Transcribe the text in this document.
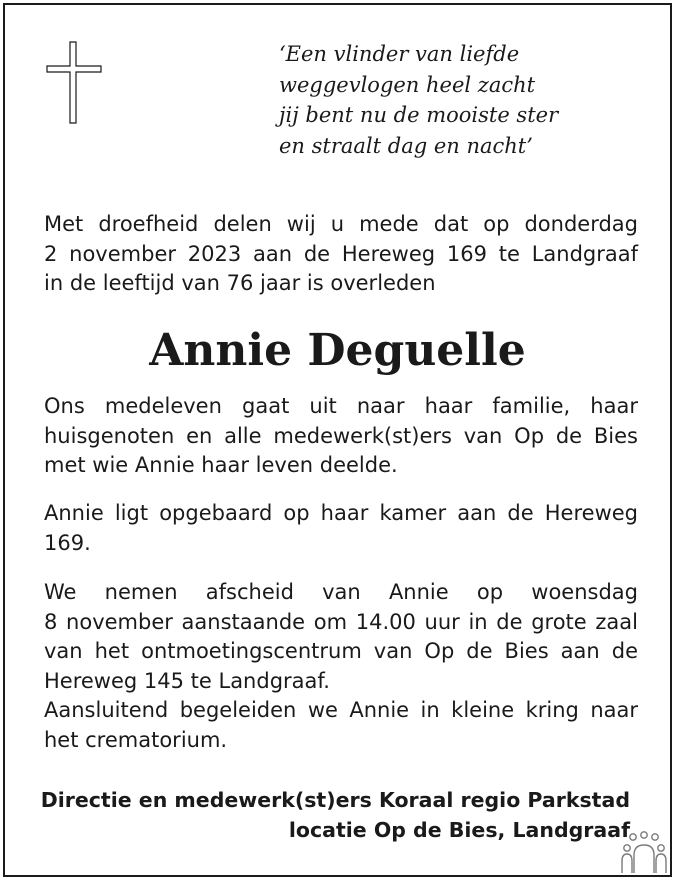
‘Een vlinder van liefde
weggevlogen heel zacht
jij bent nu de mooiste ster
en straalt dag en nacht’
Met droefheid delen wij u mede dat op donderdag
2 november 2023 aan de Hereweg 169 te Landgraaf
in de leeftijd van 76 jaar is overleden
Annie Deguelle
Ons medeleven gaat uit naar haar familie, haar
huisgenoten en alle medewerk(st)ers van Op de Bies
met wie Annie haar leven deelde.
Annie ligt opgebaard op haar kamer aan de Hereweg
169.
We nemen afscheid van Annie op woensdag
8 november aanstaande om 14.00 uur in de grote zaal
van het ontmoetingscentrum van Op de Bies aan de
Hereweg 145 te Landgraaf.
Aansluitend begeleiden we Annie in kleine kring naar
het crematorium.
Directie en medewerk(st)ers Koraal regio Parkstad
locatie Op de Bies, Landgraaf
